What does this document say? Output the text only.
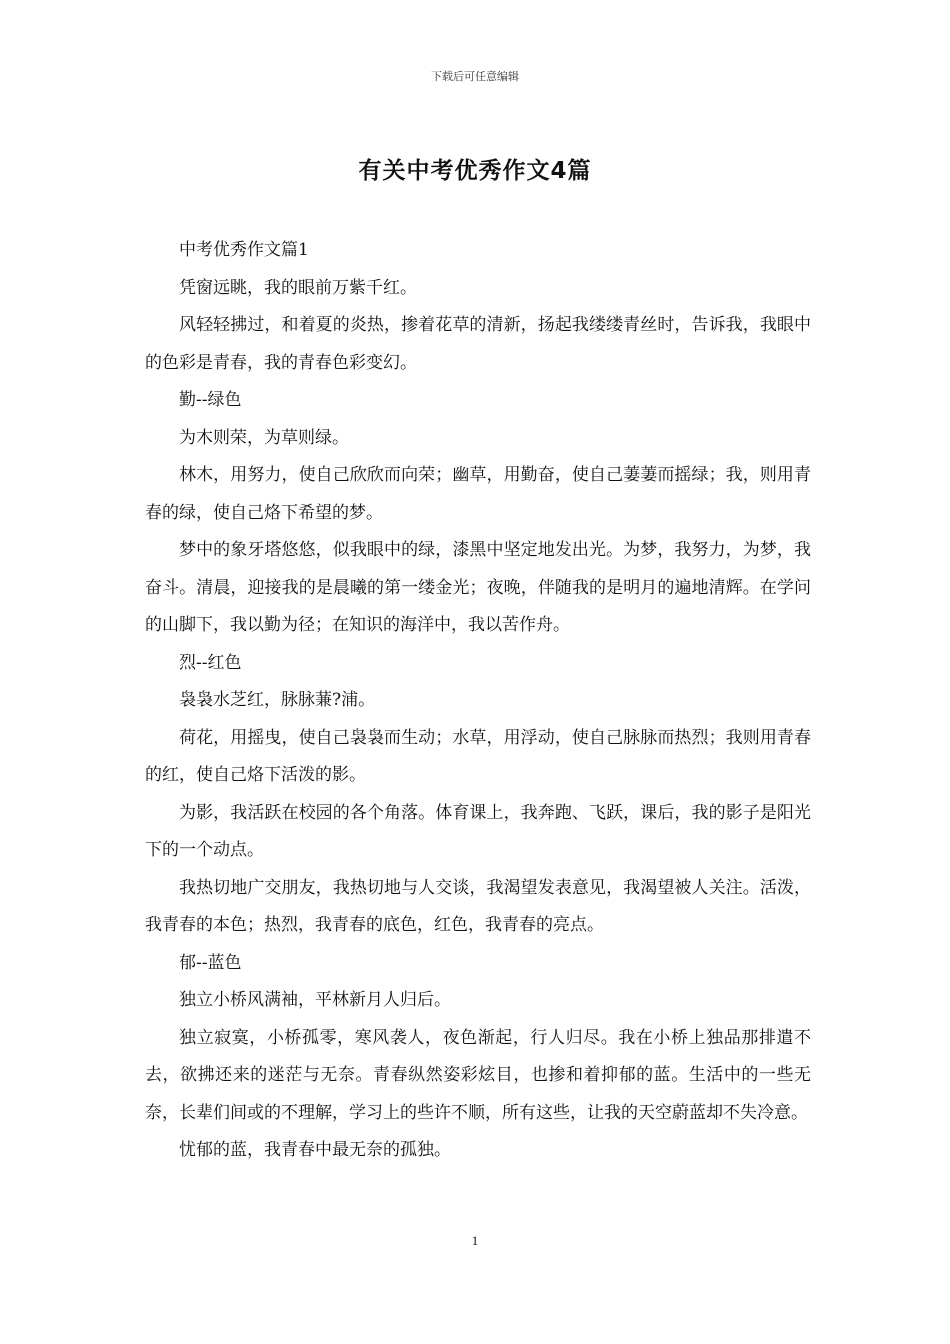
下载后可任意编辑
有关中考优秀作文4篇

中考优秀作文篇1

凭窗远眺，我的眼前万紫千红。

风轻轻拂过，和着夏的炎热，掺着花草的清新，扬起我缕缕青丝时，告诉我，我眼中的色彩是青春，我的青春色彩变幻。

勤--绿色

为木则荣，为草则绿。

林木，用努力，使自己欣欣而向荣；幽草，用勤奋，使自己萋萋而摇绿；我，则用青春的绿，使自己烙下希望的梦。

梦中的象牙塔悠悠，似我眼中的绿，漆黑中坚定地发出光。为梦，我努力，为梦，我奋斗。清晨，迎接我的是晨曦的第一缕金光；夜晚，伴随我的是明月的遍地清辉。在学问的山脚下，我以勤为径；在知识的海洋中，我以苦作舟。

烈--红色

袅袅水芝红，脉脉蒹?浦。

荷花，用摇曳，使自己袅袅而生动；水草，用浮动，使自己脉脉而热烈；我则用青春的红，使自己烙下活泼的影。

为影，我活跃在校园的各个角落。体育课上，我奔跑、飞跃，课后，我的影子是阳光下的一个动点。

我热切地广交朋友，我热切地与人交谈，我渴望发表意见，我渴望被人关注。活泼，我青春的本色；热烈，我青春的底色，红色，我青春的亮点。

郁--蓝色

独立小桥风满袖，平林新月人归后。

独立寂寞，小桥孤零，寒风袭人，夜色渐起，行人归尽。我在小桥上独品那排遣不去，欲拂还来的迷茫与无奈。青春纵然姿彩炫目，也掺和着抑郁的蓝。生活中的一些无奈，长辈们间或的不理解，学习上的些许不顺，所有这些，让我的天空蔚蓝却不失冷意。

忧郁的蓝，我青春中最无奈的孤独。

1
